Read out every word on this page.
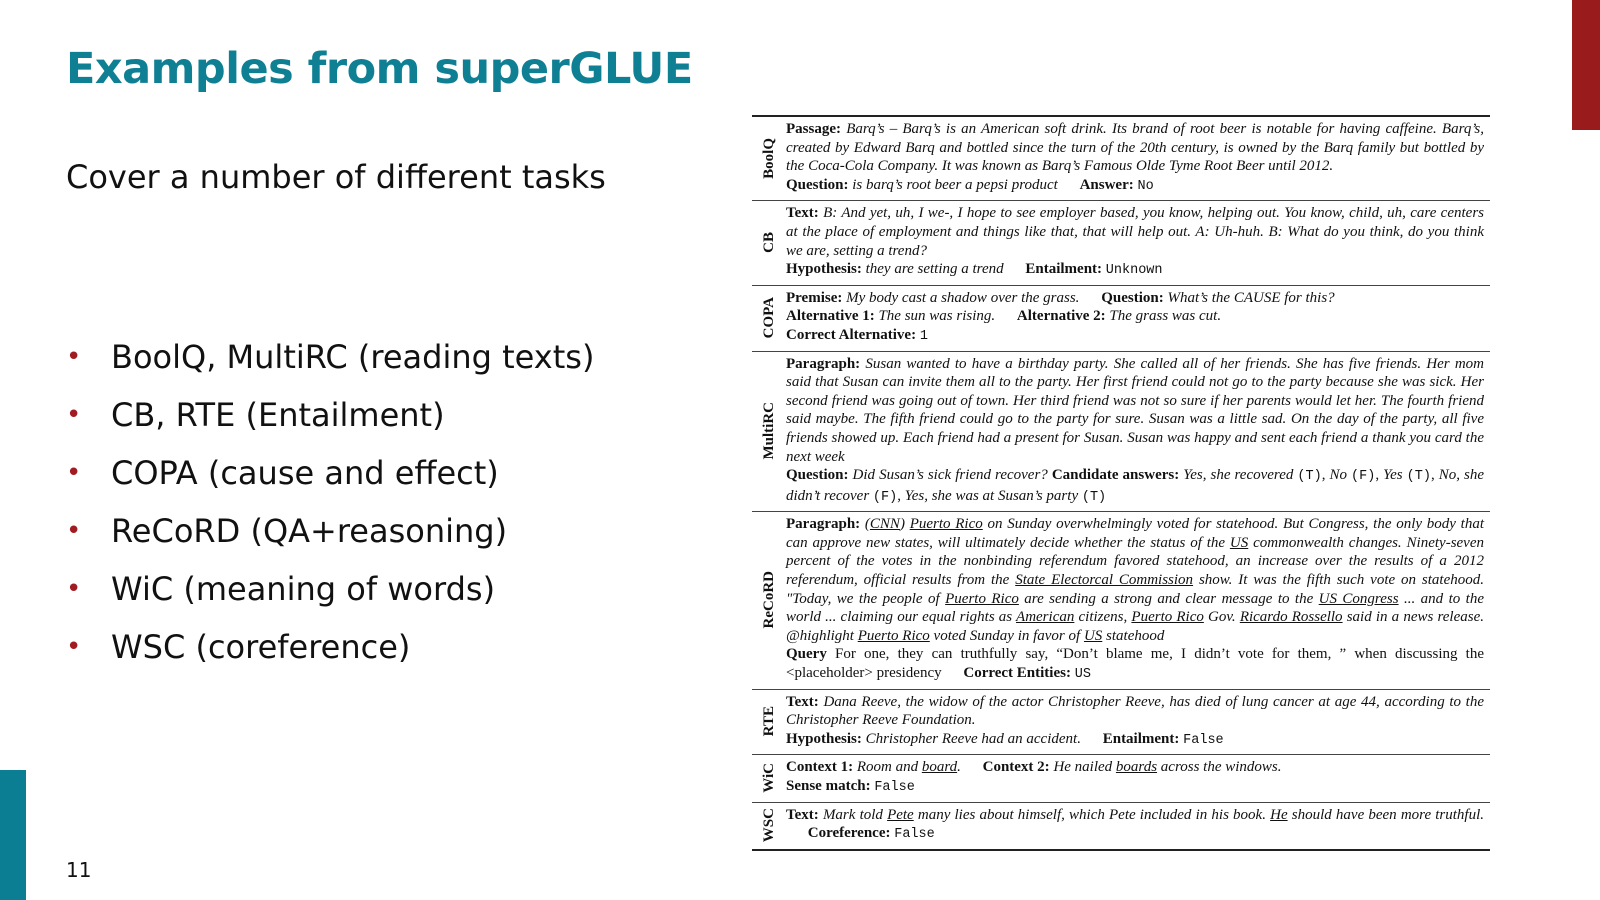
Examples from superGLUE
Cover a number of different tasks
• BoolQ, MultiRC (reading texts)
• CB, RTE (Entailment)
• COPA (cause and effect)
• ReCoRD (QA+reasoning)
• WiC (meaning of words)
• WSC (coreference)
11
BoolQ
Passage: Barq’s – Barq’s is an American soft drink. Its brand of root beer is notable for having caffeine. Barq’s, created by Edward Barq and bottled since the turn of the 20th century, is owned by the Barq family but bottled by the Coca-Cola Company. It was known as Barq’s Famous Olde Tyme Root Beer until 2012.
Question: is barq’s root beer a pepsi product Answer: No
CB
Text: B: And yet, uh, I we-, I hope to see employer based, you know, helping out. You know, child, uh, care centers at the place of employment and things like that, that will help out. A: Uh-huh. B: What do you think, do you think we are, setting a trend?
Hypothesis: they are setting a trend Entailment: Unknown
COPA Premise: My body cast a shadow over the grass. Question: What’s the CAUSE for this?
Alternative 1: The sun was rising. Alternative 2: The grass was cut.
Correct Alternative: 1
MultiRC
Paragraph: Susan wanted to have a birthday party. She called all of her friends. She has five friends. Her mom said that Susan can invite them all to the party. Her first friend could not go to the party because she was sick. Her second friend was going out of town. Her third friend was not so sure if her parents would let her. The fourth friend said maybe. The fifth friend could go to the party for sure. Susan was a little sad. On the day of the party, all five friends showed up. Each friend had a present for Susan. Susan was happy and sent each friend a thank you card the next week
Question: Did Susan’s sick friend recover? Candidate answers: Yes, she recovered (T), No (F), Yes (T), No, she didn’t recover (F), Yes, she was at Susan’s party (T)
ReCoRD
Paragraph: (CNN) Puerto Rico on Sunday overwhelmingly voted for statehood. But Congress, the only body that can approve new states, will ultimately decide whether the status of the US commonwealth changes. Ninety-seven percent of the votes in the nonbinding referendum favored statehood, an increase over the results of a 2012 referendum, official results from the State Electorcal Commission show. It was the fifth such vote on statehood. "Today, we the people of Puerto Rico are sending a strong and clear message to the US Congress ... and to the world ... claiming our equal rights as American citizens, Puerto Rico Gov. Ricardo Rossello said in a news release. @highlight Puerto Rico voted Sunday in favor of US statehood
Query For one, they can truthfully say, “Don’t blame me, I didn’t vote for them, ” when discussing the <placeholder> presidency Correct Entities: US
RTE
Text: Dana Reeve, the widow of the actor Christopher Reeve, has died of lung cancer at age 44, according to the Christopher Reeve Foundation.
Hypothesis: Christopher Reeve had an accident. Entailment: False
WiC Context 1: Room and board. Context 2: He nailed boards across the windows.
Sense match: False
WSC Text: Mark told Pete many lies about himself, which Pete included in his book. He should have been more truthful. Coreference: False
